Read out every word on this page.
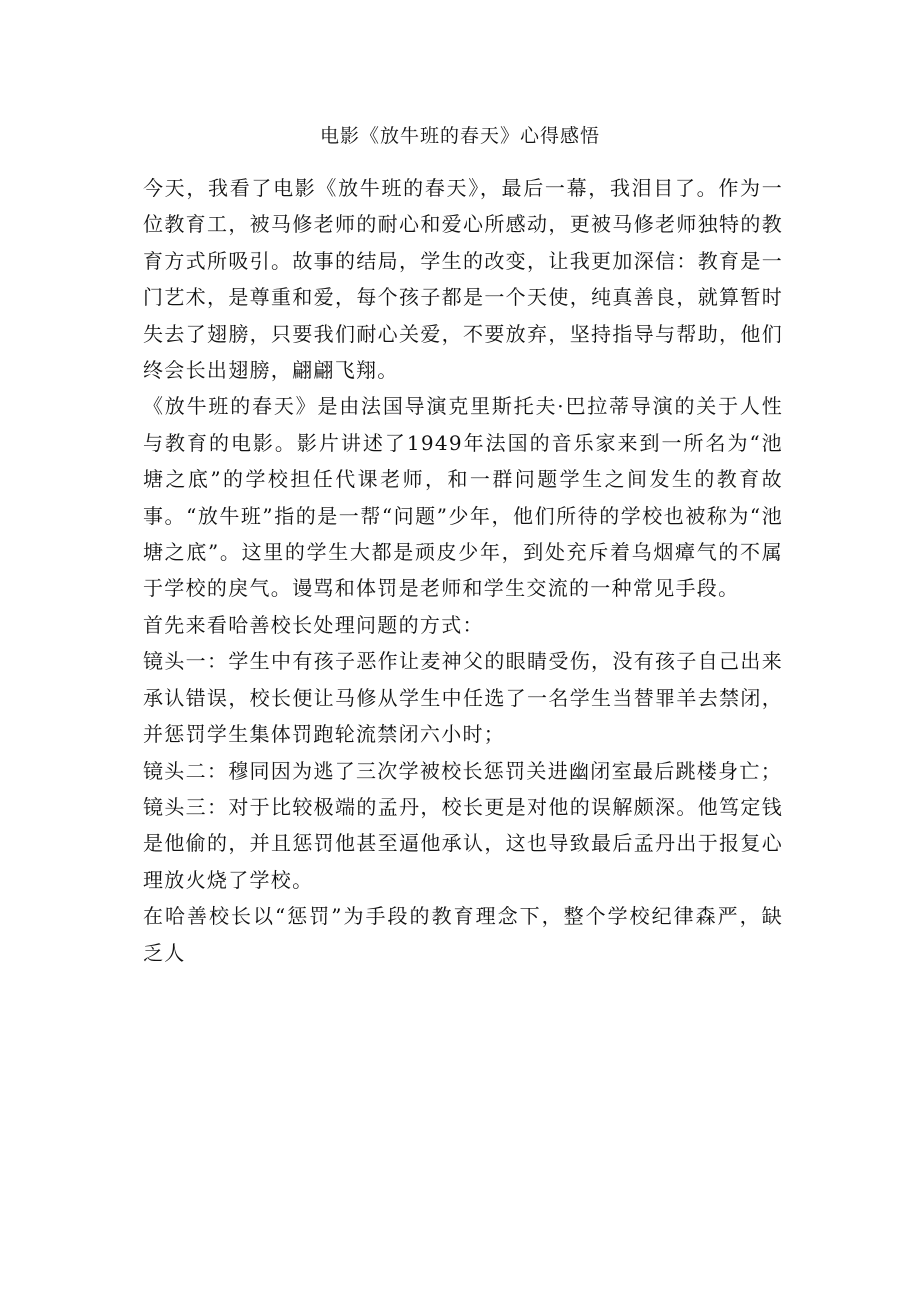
电影《放牛班的春天》心得感悟

今天，我看了电影《放牛班的春天》，最后一幕，我泪目了。作为一位教育工，被马修老师的耐心和爱心所感动，更被马修老师独特的教育方式所吸引。故事的结局，学生的改变，让我更加深信：教育是一门艺术，是尊重和爱，每个孩子都是一个天使，纯真善良，就算暂时失去了翅膀，只要我们耐心关爱，不要放弃，坚持指导与帮助，他们终会长出翅膀，翩翩飞翔。

《放牛班的春天》是由法国导演克里斯托夫·巴拉蒂导演的关于人性与教育的电影。影片讲述了1949年法国的音乐家来到一所名为“池塘之底”的学校担任代课老师，和一群问题学生之间发生的教育故事。“放牛班”指的是一帮“问题”少年，他们所待的学校也被称为“池塘之底”。这里的学生大都是顽皮少年，到处充斥着乌烟瘴气的不属于学校的戾气。谩骂和体罚是老师和学生交流的一种常见手段。

首先来看哈善校长处理问题的方式：

镜头一：学生中有孩子恶作让麦神父的眼睛受伤，没有孩子自己出来承认错误，校长便让马修从学生中任选了一名学生当替罪羊去禁闭，并惩罚学生集体罚跑轮流禁闭六小时；

镜头二：穆同因为逃了三次学被校长惩罚关进幽闭室最后跳楼身亡；

镜头三：对于比较极端的孟丹，校长更是对他的误解颇深。他笃定钱是他偷的，并且惩罚他甚至逼他承认，这也导致最后孟丹出于报复心理放火烧了学校。

在哈善校长以“惩罚”为手段的教育理念下，整个学校纪律森严，缺乏人
